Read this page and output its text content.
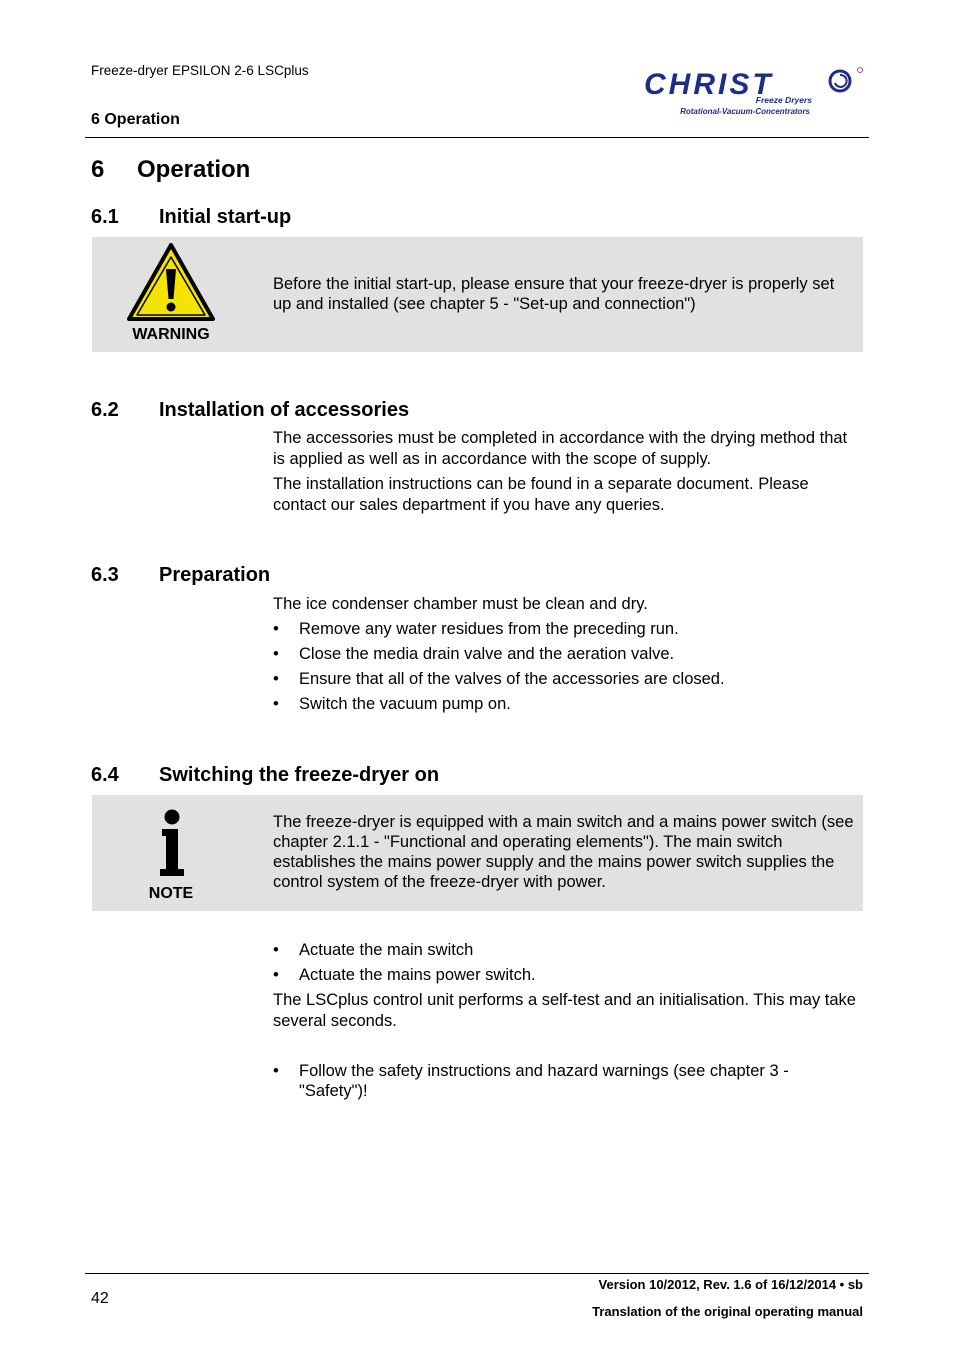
Freeze-dryer EPSILON 2-6 LSCplus
6 Operation
CHRIST
Freeze Dryers
Rotational-Vacuum-Concentrators
6 Operation
6.1 Initial start-up
WARNING
Before the initial start-up, please ensure that your freeze-dryer is properly set up and installed (see chapter 5 - "Set-up and connection")
6.2 Installation of accessories
The accessories must be completed in accordance with the drying method that is applied as well as in accordance with the scope of supply.
The installation instructions can be found in a separate document. Please contact our sales department if you have any queries.
6.3 Preparation
The ice condenser chamber must be clean and dry.
• Remove any water residues from the preceding run.
• Close the media drain valve and the aeration valve.
• Ensure that all of the valves of the accessories are closed.
• Switch the vacuum pump on.
6.4 Switching the freeze-dryer on
NOTE
The freeze-dryer is equipped with a main switch and a mains power switch (see chapter 2.1.1 - "Functional and operating elements"). The main switch establishes the mains power supply and the mains power switch supplies the control system of the freeze-dryer with power.
• Actuate the main switch
• Actuate the mains power switch.
The LSCplus control unit performs a self-test and an initialisation. This may take several seconds.
• Follow the safety instructions and hazard warnings (see chapter 3 - "Safety")!
42
Version 10/2012, Rev. 1.6 of 16/12/2014 • sb
Translation of the original operating manual
